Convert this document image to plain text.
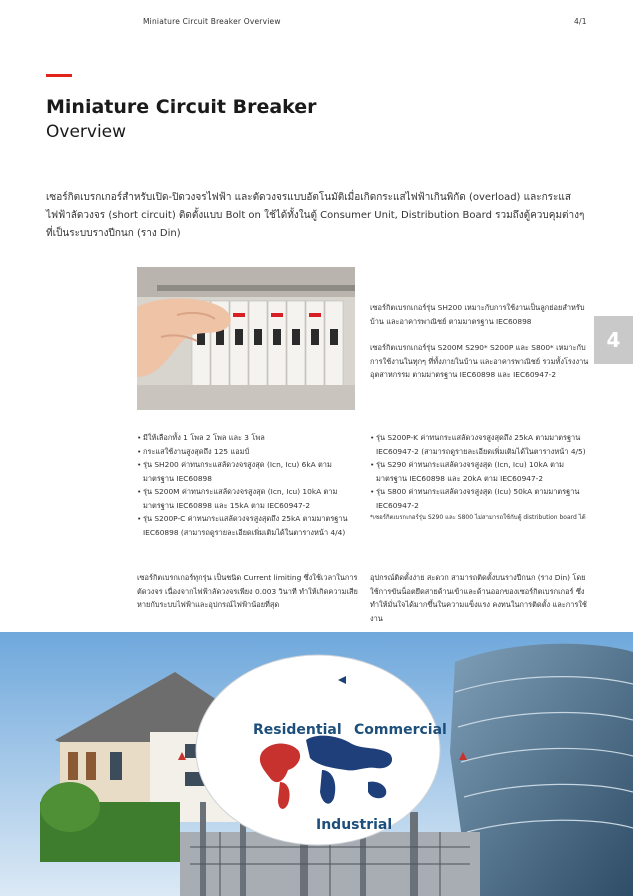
Miniature Circuit Breaker Overview	4/1
Miniature Circuit Breaker
Overview
เซอร์กิตเบรกเกอร์สำหรับเปิด-ปิดวงจรไฟฟ้า และตัดวงจรแบบอัตโนมัติเมื่อเกิดกระแสไฟฟ้าเกินพิกัด (overload) และกระแสไฟฟ้าลัดวงจร (short circuit) ติดตั้งแบบ Bolt on ใช้ได้ทั้งในตู้ Consumer Unit, Distribution Board รวมถึงตู้ควบคุมต่างๆ ที่เป็นระบบรางปีกนก (ราง Din)
4
เซอร์กิตเบรกเกอร์รุ่น SH200 เหมาะกับการใช้งานเป็นลูกย่อยสำหรับบ้าน และอาคารพาณิชย์ ตามมาตรฐาน IEC60898
เซอร์กิตเบรกเกอร์รุ่น S200M S290* S200P และ S800* เหมาะกับการใช้งานในทุกๆ ที่ทั้งภายในบ้าน และอาคารพาณิชย์ รวมทั้งโรงงานอุตสาหกรรม ตามมาตรฐาน IEC60898 และ IEC60947-2
• มีให้เลือกทั้ง 1 โพล 2 โพล และ 3 โพล
• กระแสใช้งานสูงสุดถึง 125 แอมป์
• รุ่น SH200 ค่าทนกระแสลัดวงจรสูงสุด (Icn, Icu) 6kA ตามมาตรฐาน IEC60898
• รุ่น S200M ค่าทนกระแสลัดวงจรสูงสุด (Icn, Icu) 10kA ตามมาตรฐาน IEC60898 และ 15kA ตาม IEC60947-2
• รุ่น S200P-C ค่าทนกระแสลัดวงจรสูงสุดถึง 25kA ตามมาตรฐาน IEC60898 (สามารถดูรายละเอียดเพิ่มเติมได้ในตารางหน้า 4/4)
• รุ่น S200P-K ค่าทนกระแสลัดวงจรสูงสุดถึง 25kA ตามมาตรฐาน IEC60947-2 (สามารถดูรายละเอียดเพิ่มเติมได้ในตารางหน้า 4/5)
• รุ่น S290 ค่าทนกระแสลัดวงจรสูงสุด (Icn, Icu) 10kA ตามมาตรฐาน IEC60898 และ 20kA ตาม IEC60947-2
• รุ่น S800 ค่าทนกระแสลัดวงจรสูงสุด (Icu) 50kA ตามมาตรฐาน IEC60947-2
*เซอร์กิตเบรกเกอร์รุ่น S290 และ S800 ไม่สามารถใช้กับตู้ distribution board ได้
เซอร์กิตเบรกเกอร์ทุกรุ่น เป็นชนิด Current limiting ซึ่งใช้เวลาในการตัดวงจร เนื่องจากไฟฟ้าลัดวงจรเพียง 0.003 วินาที ทำให้เกิดความเสียหายกับระบบไฟฟ้าและอุปกรณ์ไฟฟ้าน้อยที่สุด
อุปกรณ์ติดตั้งง่าย สะดวก สามารถติดตั้งบนรางปีกนก (ราง Din) โดยใช้การขันน็อตยึดสายด้านเข้าและด้านออกของเซอร์กิตเบรกเกอร์ ซึ่งทำให้มั่นใจได้มากขึ้นในความแข็งแรง คงทนในการติดตั้ง และการใช้งาน
Residential Commercial
Industrial
